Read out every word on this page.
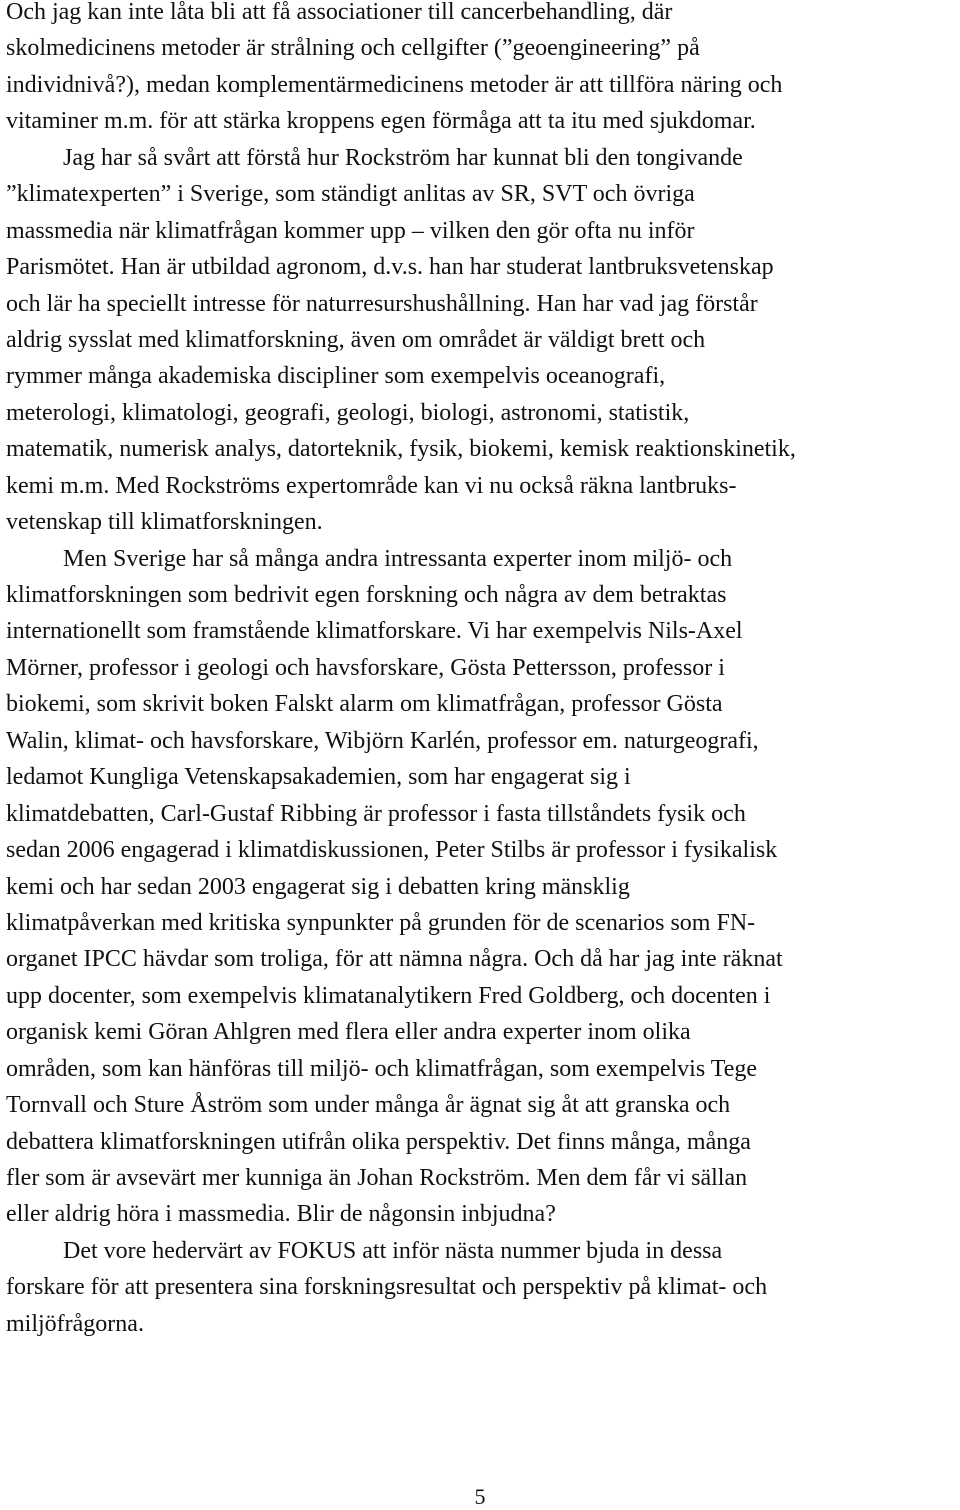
Och jag kan inte låta bli att få associationer till cancerbehandling, där
skolmedicinens metoder är strålning och cellgifter (”geoengineering” på
individnivå?), medan komplementärmedicinens metoder är att tillföra näring och
vitaminer m.m. för att stärka kroppens egen förmåga att ta itu med sjukdomar.
Jag har så svårt att förstå hur Rockström har kunnat bli den tongivande
”klimatexperten” i Sverige, som ständigt anlitas av SR, SVT och övriga
massmedia när klimatfrågan kommer upp – vilken den gör ofta nu inför
Parismötet. Han är utbildad agronom, d.v.s. han har studerat lantbruksvetenskap
och lär ha speciellt intresse för naturresurshushållning. Han har vad jag förstår
aldrig sysslat med klimatforskning, även om området är väldigt brett och
rymmer många akademiska discipliner som exempelvis oceanografi,
meterologi, klimatologi, geografi, geologi, biologi, astronomi, statistik,
matematik, numerisk analys, datorteknik, fysik, biokemi, kemisk reaktionskinetik,
kemi m.m. Med Rockströms expertområde kan vi nu också räkna lantbruks-
vetenskap till klimatforskningen.
Men Sverige har så många andra intressanta experter inom miljö- och
klimatforskningen som bedrivit egen forskning och några av dem betraktas
internationellt som framstående klimatforskare. Vi har exempelvis Nils-Axel
Mörner, professor i geologi och havsforskare, Gösta Pettersson, professor i
biokemi, som skrivit boken Falskt alarm om klimatfrågan, professor Gösta
Walin, klimat- och havsforskare, Wibjörn Karlén, professor em. naturgeografi,
ledamot Kungliga Vetenskapsakademien, som har engagerat sig i
klimatdebatten, Carl-Gustaf Ribbing är professor i fasta tillståndets fysik och
sedan 2006 engagerad i klimatdiskussionen, Peter Stilbs är professor i fysikalisk
kemi och har sedan 2003 engagerat sig i debatten kring mänsklig
klimatpåverkan med kritiska synpunkter på grunden för de scenarios som FN-
organet IPCC hävdar som troliga, för att nämna några. Och då har jag inte räknat
upp docenter, som exempelvis klimatanalytikern Fred Goldberg, och docenten i
organisk kemi Göran Ahlgren med flera eller andra experter inom olika
områden, som kan hänföras till miljö- och klimatfrågan, som exempelvis Tege
Tornvall och Sture Åström som under många år ägnat sig åt att granska och
debattera klimatforskningen utifrån olika perspektiv. Det finns många, många
fler som är avsevärt mer kunniga än Johan Rockström. Men dem får vi sällan
eller aldrig höra i massmedia. Blir de någonsin inbjudna?
Det vore hedervärt av FOKUS att inför nästa nummer bjuda in dessa
forskare för att presentera sina forskningsresultat och perspektiv på klimat- och
miljöfrågorna.
5
